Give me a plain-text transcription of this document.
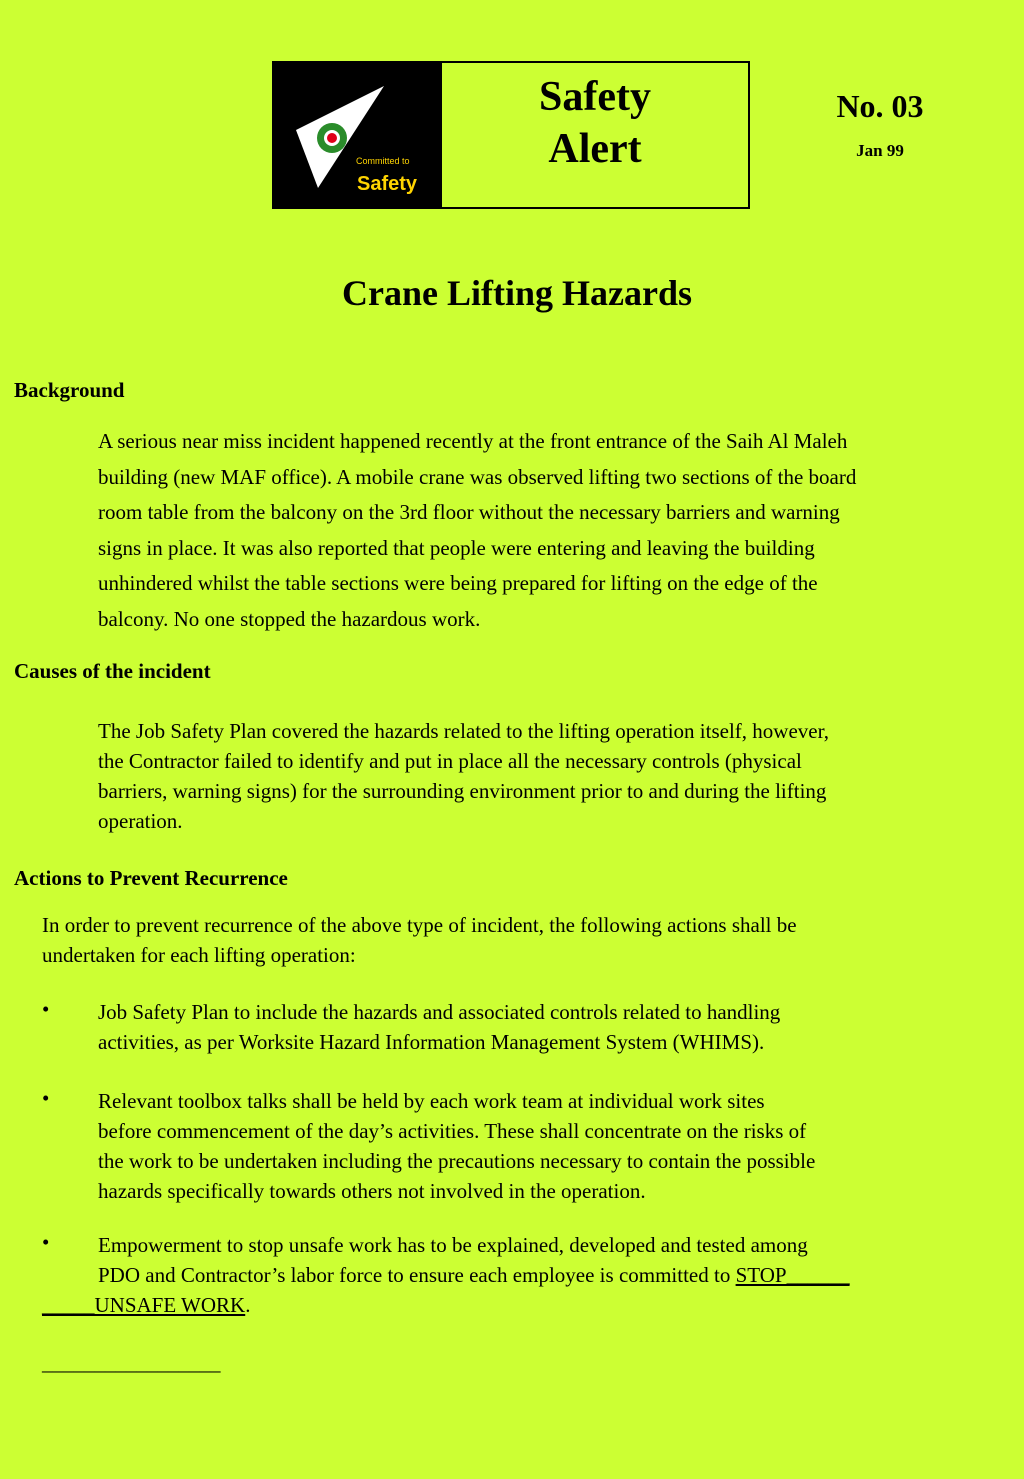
Committed to
Safety
Safety
Alert
No. 03
Jan 99
Crane Lifting Hazards
Background
A serious near miss incident happened recently at the front entrance of the Saih Al Maleh
building (new MAF office). A mobile crane was observed lifting two sections of the board
room table from the balcony on the 3rd floor without the necessary barriers and warning
signs in place. It was also reported that people were entering and leaving the building
unhindered whilst the table sections were being prepared for lifting on the edge of the
balcony. No one stopped the hazardous work.
Causes of the incident
The Job Safety Plan covered the hazards related to the lifting operation itself, however,
the Contractor failed to identify and put in place all the necessary controls (physical
barriers, warning signs) for the surrounding environment prior to and during the lifting
operation.
Actions to Prevent Recurrence
In order to prevent recurrence of the above type of incident, the following actions shall be
undertaken for each lifting operation:
• Job Safety Plan to include the hazards and associated controls related to handling
activities, as per Worksite Hazard Information Management System (WHIMS).
• Relevant toolbox talks shall be held by each work team at individual work sites
before commencement of the day’s activities. These shall concentrate on the risks of
the work to be undertaken including the precautions necessary to contain the possible
hazards specifically towards others not involved in the operation.
• Empowerment to stop unsafe work has to be explained, developed and tested among
PDO and Contractor’s labor force to ensure each employee is committed to STOP______
_____UNSAFE WORK.
_________________
